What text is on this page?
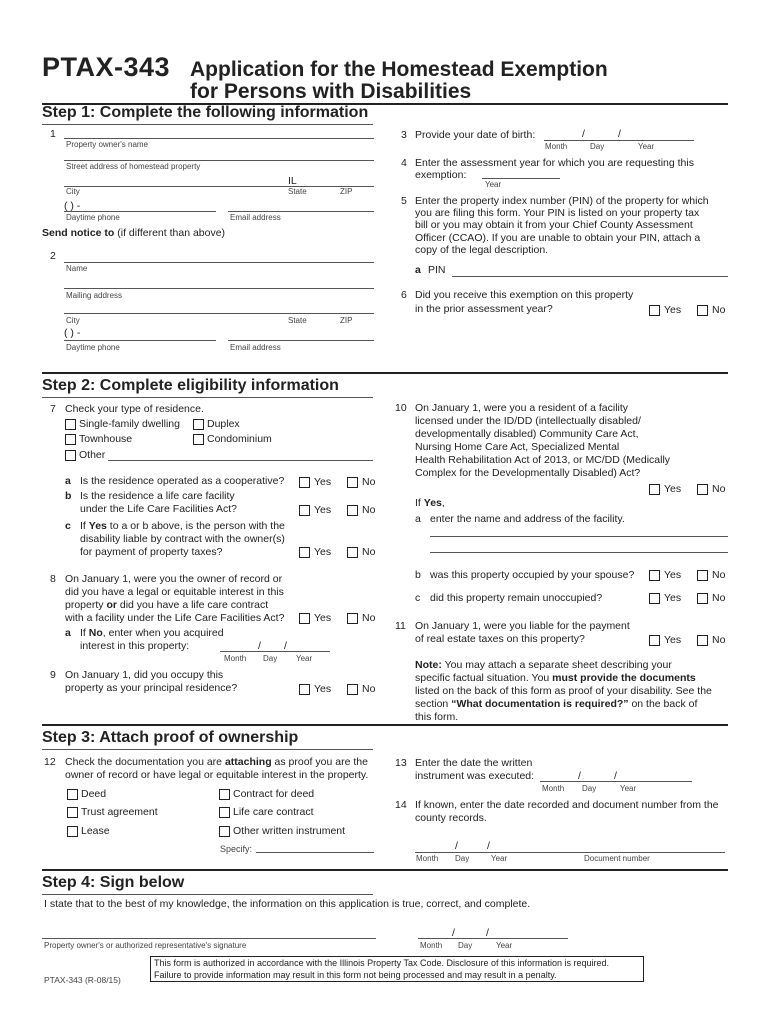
PTAX-343 Application for the Homestead Exemption
for Persons with Disabilities
Step 1: Complete the following information
1
Property owner's name
Street address of homestead property
IL
City	State	ZIP
( ) -
Daytime phone	Email address
Send notice to (if different than above)
2
Name
Mailing address
City	State	ZIP
( ) -
Daytime phone	Email address
3 Provide your date of birth:	/	/
Month	Day	Year
4 Enter the assessment year for which you are requesting this
exemption:
Year
5 Enter the property index number (PIN) of the property for which
you are filing this form. Your PIN is listed on your property tax
bill or you may obtain it from your Chief County Assessment
Officer (CCAO). If you are unable to obtain your PIN, attach a
copy of the legal description.
a PIN
6 Did you receive this exemption on this property
in the prior assessment year?	Yes	No
Step 2: Complete eligibility information
7 Check your type of residence.
Single-family dwelling	Duplex
Townhouse	Condominium
Other
a Is the residence operated as a cooperative?	Yes	No
b Is the residence a life care facility
under the Life Care Facilities Act?	Yes	No
c If Yes to a or b above, is the person with the
disability liable by contract with the owner(s)
for payment of property taxes?	Yes	No
8 On January 1, were you the owner of record or
did you have a legal or equitable interest in this
property or did you have a life care contract
with a facility under the Life Care Facilities Act?	Yes	No
a If No, enter when you acquired
interest in this property:	/ /
Month Day Year
9 On January 1, did you occupy this
property as your principal residence?	Yes	No
10 On January 1, were you a resident of a facility
licensed under the ID/DD (intellectually disabled/
developmentally disabled) Community Care Act,
Nursing Home Care Act, Specialized Mental
Health Rehabilitation Act of 2013, or MC/DD (Medically
Complex for the Developmentally Disabled) Act?
Yes	No
If Yes,
a enter the name and address of the facility.
b was this property occupied by your spouse?	Yes	No
c did this property remain unoccupied?	Yes	No
11 On January 1, were you liable for the payment
of real estate taxes on this property?	Yes	No
Note: You may attach a separate sheet describing your
specific factual situation. You must provide the documents
listed on the back of this form as proof of your disability. See the
section “What documentation is required?” on the back of
this form.
Step 3: Attach proof of ownership
12 Check the documentation you are attaching as proof you are the
owner of record or have legal or equitable interest in the property.
Deed	Contract for deed
Trust agreement	Life care contract
Lease	Other written instrument
Specify:
13 Enter the date the written
instrument was executed:	/	/
Month Day	Year
14 If known, enter the date recorded and document number from the
county records.
/	/
Month Day	Year	Document number
Step 4: Sign below
I state that to the best of my knowledge, the information on this application is true, correct, and complete.
Property owner's or authorized representative's signature
/	/
Month Day	Year
This form is authorized in accordance with the Illinois Property Tax Code. Disclosure of this information is required.
Failure to provide information may result in this form not being processed and may result in a penalty.
PTAX-343 (R-08/15)
